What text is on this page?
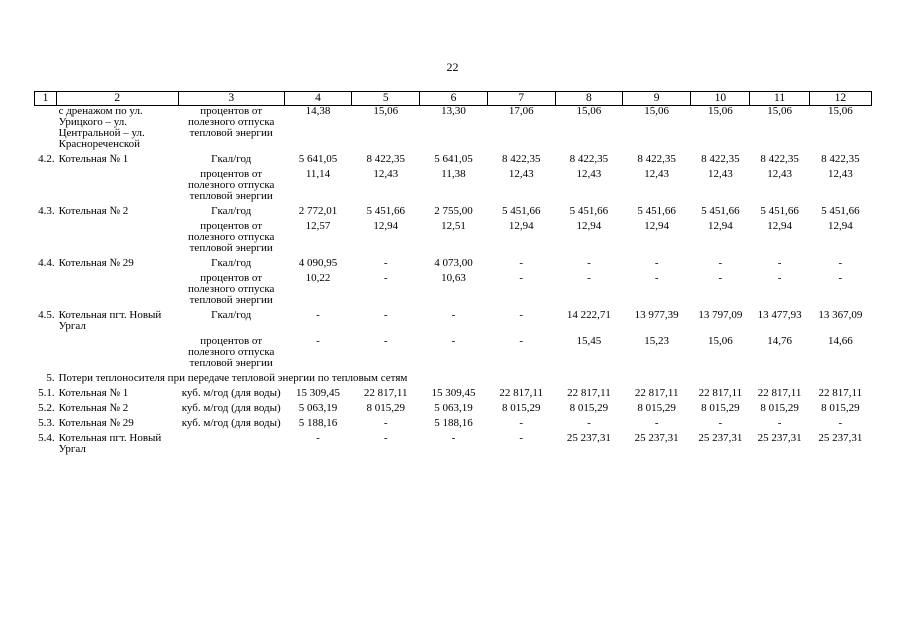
22
1	2	3	4	5	6	7	8	9	10	11	12
	с дренажом по ул. Урицкого – ул. Центральной – ул. Краснореченской	процентов от полезного отпуска тепловой энергии	14,38	15,06	13,30	17,06	15,06	15,06	15,06	15,06	15,06
4.2.	Котельная № 1	Гкал/год	5 641,05	8 422,35	5 641,05	8 422,35	8 422,35	8 422,35	8 422,35	8 422,35	8 422,35
		процентов от полезного отпуска тепловой энергии	11,14	12,43	11,38	12,43	12,43	12,43	12,43	12,43	12,43
4.3.	Котельная № 2	Гкал/год	2 772,01	5 451,66	2 755,00	5 451,66	5 451,66	5 451,66	5 451,66	5 451,66	5 451,66
		процентов от полезного отпуска тепловой энергии	12,57	12,94	12,51	12,94	12,94	12,94	12,94	12,94	12,94
4.4.	Котельная № 29	Гкал/год	4 090,95	-	4 073,00	-	-	-	-	-	-
		процентов от полезного отпуска тепловой энергии	10,22	-	10,63	-	-	-	-	-	-
4.5.	Котельная пгт. Новый Ургал	Гкал/год	-	-	-	-	14 222,71	13 977,39	13 797,09	13 477,93	13 367,09
		процентов от полезного отпуска тепловой энергии	-	-	-	-	15,45	15,23	15,06	14,76	14,66
5.	Потери теплоносителя при передаче тепловой энергии по тепловым сетям										
5.1.	Котельная № 1	куб. м/год (для воды)	15 309,45	22 817,11	15 309,45	22 817,11	22 817,11	22 817,11	22 817,11	22 817,11	22 817,11
5.2.	Котельная № 2	куб. м/год (для воды)	5 063,19	8 015,29	5 063,19	8 015,29	8 015,29	8 015,29	8 015,29	8 015,29	8 015,29
5.3.	Котельная № 29	куб. м/год (для воды)	5 188,16	-	5 188,16	-	-	-	-	-	-
5.4.	Котельная пгт. Новый Ургал		-	-	-	-	25 237,31	25 237,31	25 237,31	25 237,31	25 237,31
